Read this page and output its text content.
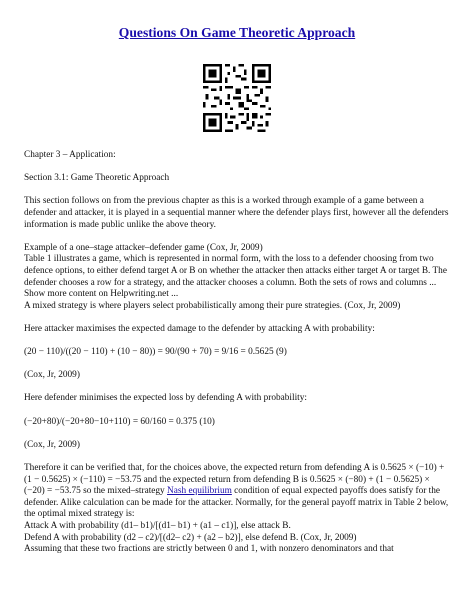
Questions On Game Theoretic Approach

Chapter 3 – Application:

Section 3.1: Game Theoretic Approach

This section follows on from the previous chapter as this is a worked through example of a game between a defender and attacker, it is played in a sequential manner where the defender plays first, however all the defenders information is made public unlike the above theory.

Example of a one–stage attacker–defender game (Cox, Jr, 2009)
Table 1 illustrates a game, which is represented in normal form, with the loss to a defender choosing from two defence options, to either defend target A or B on whether the attacker then attacks either target A or target B. The defender chooses a row for a strategy, and the attacker chooses a column. Both the sets of rows and columns ... Show more content on Helpwriting.net ...
A mixed strategy is where players select probabilistically among their pure strategies. (Cox, Jr, 2009)

Here attacker maximises the expected damage to the defender by attacking A with probability:

(20 − 110)/((20 − 110) + (10 − 80)) = 90/(90 + 70) = 9/16 = 0.5625 (9)

(Cox, Jr, 2009)

Here defender minimises the expected loss by defending A with probability:

(−20+80)/(−20+80−10+110) = 60/160 = 0.375 (10)

(Cox, Jr, 2009)

Therefore it can be verified that, for the choices above, the expected return from defending A is 0.5625 × (−10) + (1 − 0.5625) × (−110) = −53.75 and the expected return from defending B is 0.5625 × (−80) + (1 − 0.5625) × (−20) = −53.75 so the mixed–strategy Nash equilibrium condition of equal expected payoffs does satisfy for the defender. Alike calculation can be made for the attacker. Normally, for the general payoff matrix in Table 2 below, the optimal mixed strategy is:
Attack A with probability (d1– b1)/[(d1– b1) + (a1 – c1)], else attack B.
Defend A with probability (d2 – c2)/[(d2– c2) + (a2 – b2)], else defend B. (Cox, Jr, 2009)
Assuming that these two fractions are strictly between 0 and 1, with nonzero denominators and that
